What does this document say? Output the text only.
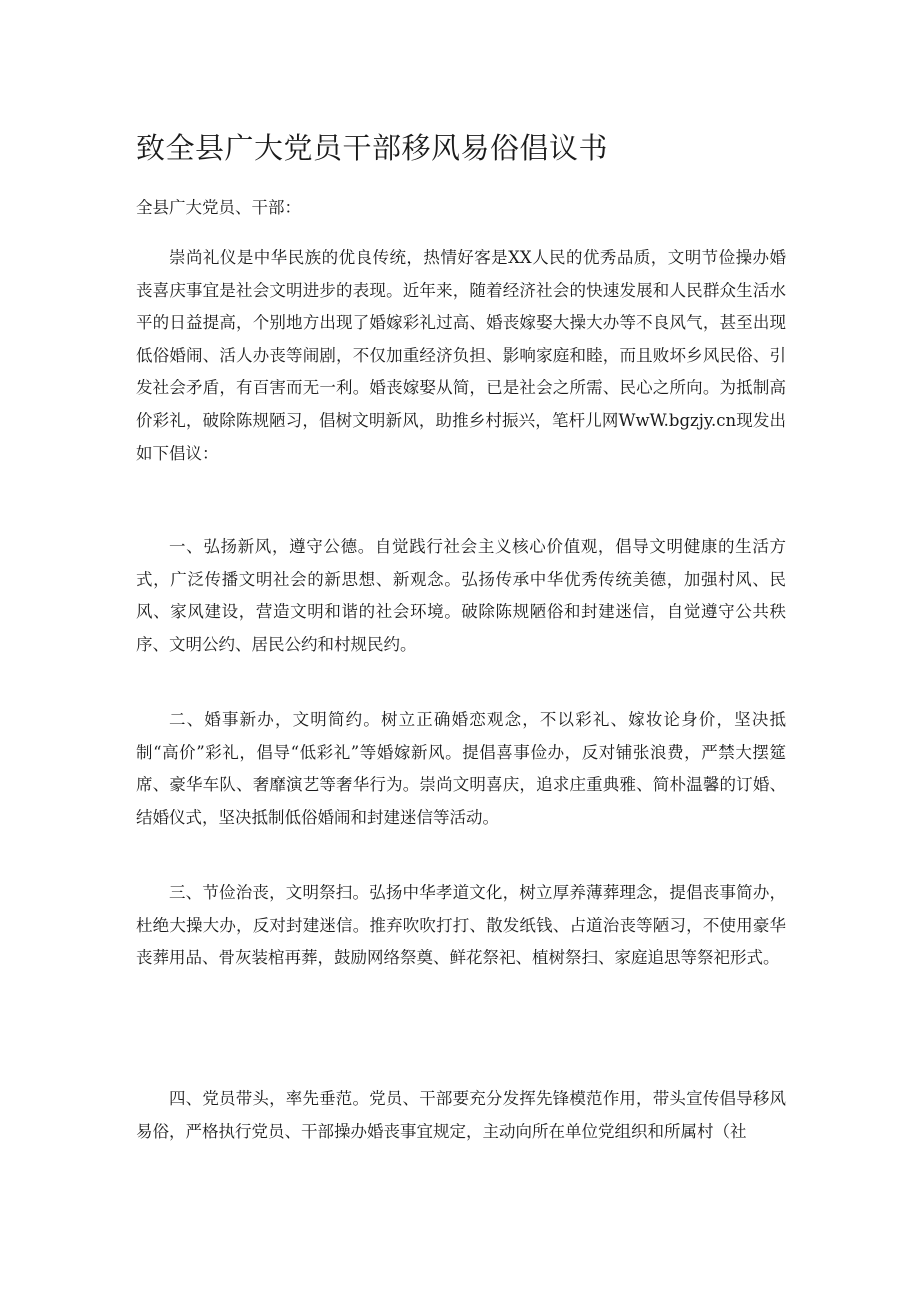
致全县广大党员干部移风易俗倡议书

全县广大党员、干部：

崇尚礼仪是中华民族的优良传统，热情好客是XX人民的优秀品质，文明节俭操办婚丧喜庆事宜是社会文明进步的表现。近年来，随着经济社会的快速发展和人民群众生活水平的日益提高，个别地方出现了婚嫁彩礼过高、婚丧嫁娶大操大办等不良风气，甚至出现低俗婚闹、活人办丧等闹剧，不仅加重经济负担、影响家庭和睦，而且败坏乡风民俗、引发社会矛盾，有百害而无一利。婚丧嫁娶从简，已是社会之所需、民心之所向。为抵制高价彩礼，破除陈规陋习，倡树文明新风，助推乡村振兴，笔杆儿网WwW.bgzjy.cn现发出如下倡议：

一、弘扬新风，遵守公德。自觉践行社会主义核心价值观，倡导文明健康的生活方式，广泛传播文明社会的新思想、新观念。弘扬传承中华优秀传统美德，加强村风、民风、家风建设，营造文明和谐的社会环境。破除陈规陋俗和封建迷信，自觉遵守公共秩序、文明公约、居民公约和村规民约。

二、婚事新办，文明简约。树立正确婚恋观念，不以彩礼、嫁妆论身价，坚决抵制“高价”彩礼，倡导“低彩礼”等婚嫁新风。提倡喜事俭办，反对铺张浪费，严禁大摆筵席、豪华车队、奢靡演艺等奢华行为。崇尚文明喜庆，追求庄重典雅、简朴温馨的订婚、结婚仪式，坚决抵制低俗婚闹和封建迷信等活动。

三、节俭治丧，文明祭扫。弘扬中华孝道文化，树立厚养薄葬理念，提倡丧事简办，杜绝大操大办，反对封建迷信。推弃吹吹打打、散发纸钱、占道治丧等陋习，不使用豪华丧葬用品、骨灰装棺再葬，鼓励网络祭奠、鲜花祭祀、植树祭扫、家庭追思等祭祀形式。

四、党员带头，率先垂范。党员、干部要充分发挥先锋模范作用，带头宣传倡导移风易俗，严格执行党员、干部操办婚丧事宜规定，主动向所在单位党组织和所属村（社
